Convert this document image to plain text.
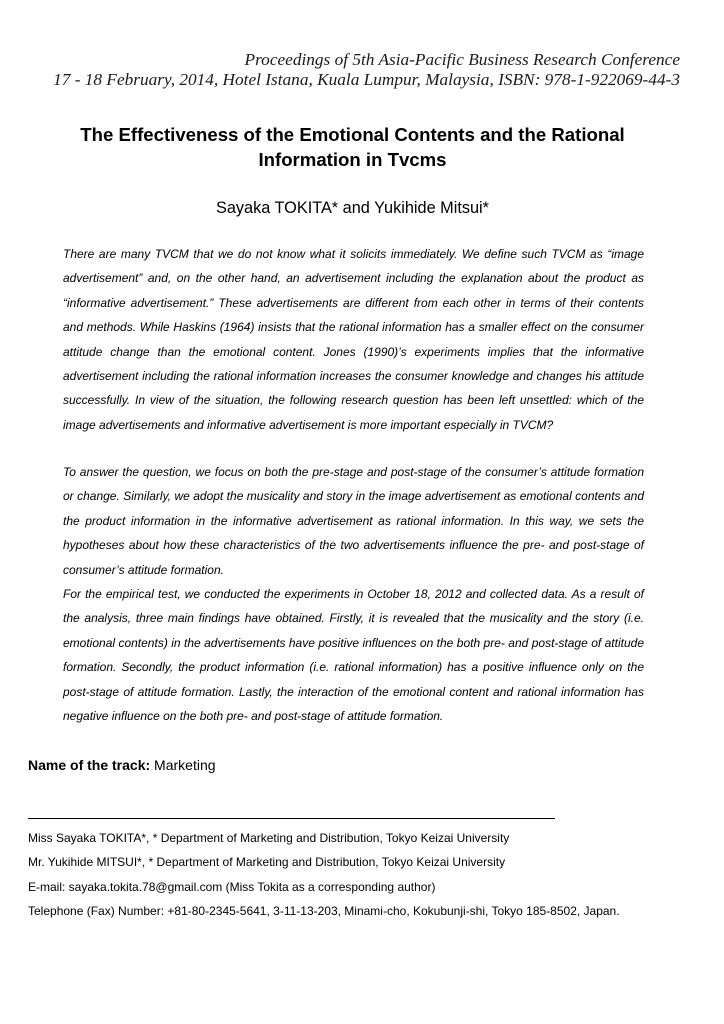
Proceedings of 5th Asia-Pacific Business Research Conference
17 - 18 February, 2014, Hotel Istana, Kuala Lumpur, Malaysia, ISBN: 978-1-922069-44-3
The Effectiveness of the Emotional Contents and the Rational
Information in Tvcms
Sayaka TOKITA* and Yukihide Mitsui*

There are many TVCM that we do not know what it solicits immediately. We define such TVCM as “image advertisement” and, on the other hand, an advertisement including the explanation about the product as “informative advertisement.” These advertisements are different from each other in terms of their contents and methods. While Haskins (1964) insists that the rational information has a smaller effect on the consumer attitude change than the emotional content. Jones (1990)’s experiments implies that the informative advertisement including the rational information increases the consumer knowledge and changes his attitude successfully. In view of the situation, the following research question has been left unsettled: which of the image advertisements and informative advertisement is more important especially in TVCM?

To answer the question, we focus on both the pre-stage and post-stage of the consumer’s attitude formation or change. Similarly, we adopt the musicality and story in the image advertisement as emotional contents and the product information in the informative advertisement as rational information. In this way, we sets the hypotheses about how these characteristics of the two advertisements influence the pre- and post-stage of consumer’s attitude formation.

For the empirical test, we conducted the experiments in October 18, 2012 and collected data. As a result of the analysis, three main findings have obtained. Firstly, it is revealed that the musicality and the story (i.e. emotional contents) in the advertisements have positive influences on the both pre- and post-stage of attitude formation. Secondly, the product information (i.e. rational information) has a positive influence only on the post-stage of attitude formation. Lastly, the interaction of the emotional content and rational information has negative influence on the both pre- and post-stage of attitude formation.

Name of the track: Marketing
Miss Sayaka TOKITA*, * Department of Marketing and Distribution, Tokyo Keizai University
Mr. Yukihide MITSUI*, * Department of Marketing and Distribution, Tokyo Keizai University
E-mail: sayaka.tokita.78@gmail.com (Miss Tokita as a corresponding author)
Telephone (Fax) Number: +81-80-2345-5641, 3-11-13-203, Minami-cho, Kokubunji-shi, Tokyo 185-8502, Japan.
